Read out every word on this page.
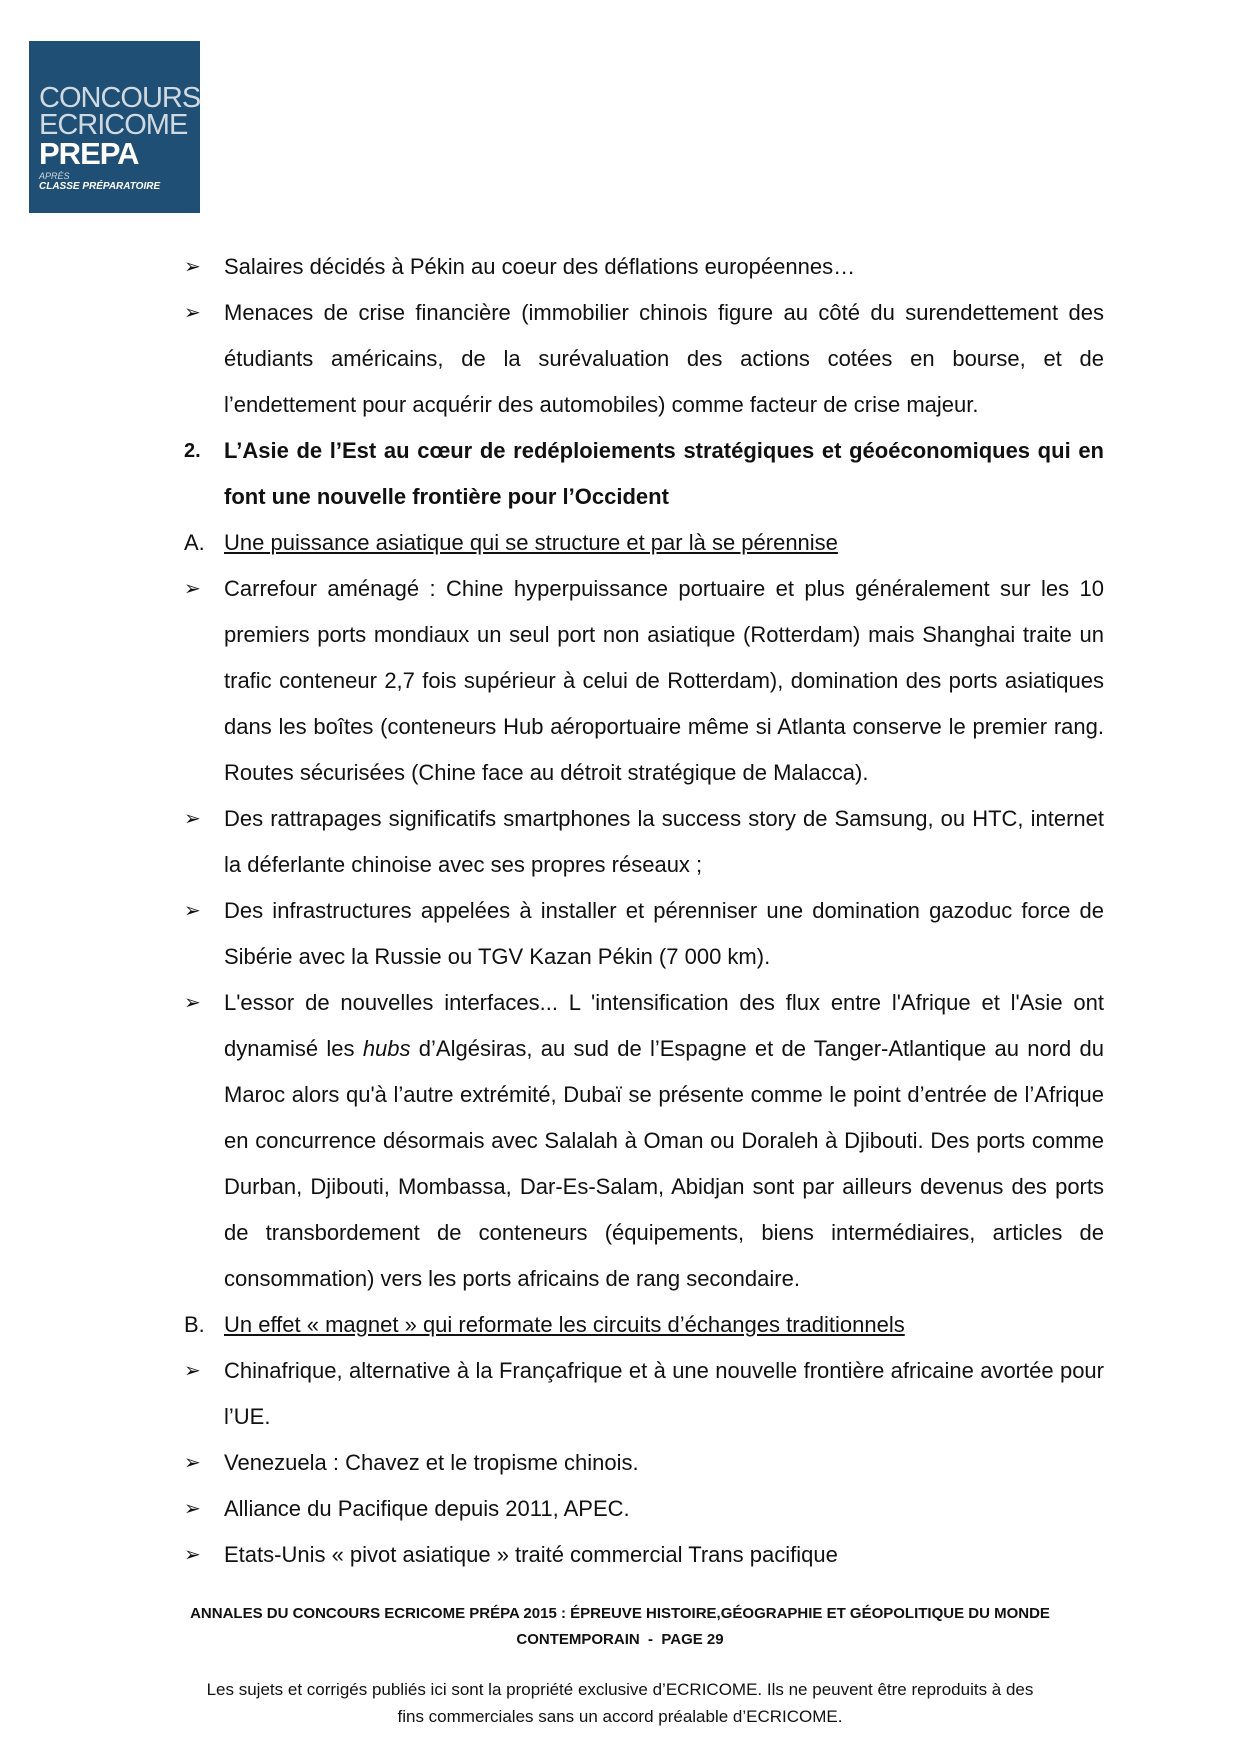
CONCOURS
ECRICOME
PREPA
APRÈS
CLASSE PRÉPARATOIRE
➢	Salaires décidés à Pékin au coeur des déflations européennes…
➢	Menaces de crise financière (immobilier chinois figure au côté du surendettement des étudiants américains, de la surévaluation des actions cotées en bourse, et de l’endettement pour acquérir des automobiles) comme facteur de crise majeur.
2.	L’Asie de l’Est au cœur de redéploiements stratégiques et géoéconomiques qui en font une nouvelle frontière pour l’Occident
A. Une puissance asiatique qui se structure et par là se pérennise
➢	Carrefour aménagé : Chine hyperpuissance portuaire et plus généralement sur les 10 premiers ports mondiaux un seul port non asiatique (Rotterdam) mais Shanghai traite un trafic conteneur 2,7 fois supérieur à celui de Rotterdam), domination des ports asiatiques dans les boîtes (conteneurs Hub aéroportuaire même si Atlanta conserve le premier rang. Routes sécurisées (Chine face au détroit stratégique de Malacca).
➢	Des rattrapages significatifs smartphones la success story de Samsung, ou HTC, internet la déferlante chinoise avec ses propres réseaux ;
➢	Des infrastructures appelées à installer et pérenniser une domination gazoduc force de Sibérie avec la Russie ou TGV Kazan Pékin (7 000 km).
➢	L'essor de nouvelles interfaces... L 'intensification des flux entre l'Afrique et l'Asie ont dynamisé les hubs d’Algésiras, au sud de l’Espagne et de Tanger-Atlantique au nord du Maroc alors qu'à l’autre extrémité, Dubaï se présente comme le point d’entrée de l’Afrique en concurrence désormais avec Salalah à Oman ou Doraleh à Djibouti. Des ports comme Durban, Djibouti, Mombassa, Dar-Es-Salam, Abidjan sont par ailleurs devenus des ports de transbordement de conteneurs (équipements, biens intermédiaires, articles de consommation) vers les ports africains de rang secondaire.
B. Un effet « magnet » qui reformate les circuits d’échanges traditionnels
➢	Chinafrique, alternative à la Françafrique et à une nouvelle frontière africaine avortée pour l’UE.
➢	Venezuela : Chavez et le tropisme chinois.
➢	Alliance du Pacifique depuis 2011, APEC.
➢	Etats-Unis « pivot asiatique » traité commercial Trans pacifique
ANNALES DU CONCOURS ECRICOME PRÉPA 2015 : ÉPREUVE HISTOIRE,GÉOGRAPHIE ET GÉOPOLITIQUE DU MONDE
CONTEMPORAIN  -  PAGE 29
Les sujets et corrigés publiés ici sont la propriété exclusive d’ECRICOME. Ils ne peuvent être reproduits à des
fins commerciales sans un accord préalable d’ECRICOME.
